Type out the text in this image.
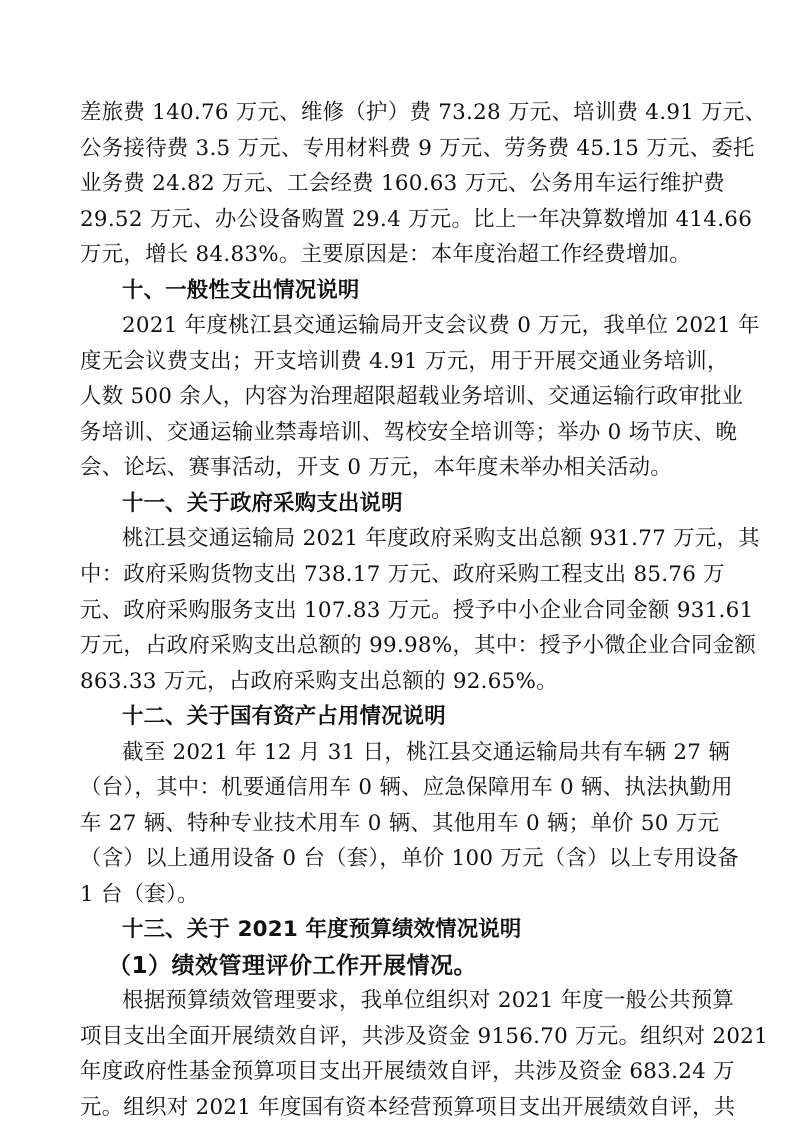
差旅费 140.76 万元、维修（护）费 73.28 万元、培训费 4.91 万元、
公务接待费 3.5 万元、专用材料费 9 万元、劳务费 45.15 万元、委托
业务费 24.82 万元、工会经费 160.63 万元、公务用车运行维护费
29.52 万元、办公设备购置 29.4 万元。比上一年决算数增加 414.66
万元，增长 84.83%。主要原因是：本年度治超工作经费增加。
十、一般性支出情况说明
2021 年度桃江县交通运输局开支会议费 0 万元，我单位 2021 年
度无会议费支出；开支培训费 4.91 万元，用于开展交通业务培训，
人数 500 余人，内容为治理超限超载业务培训、交通运输行政审批业
务培训、交通运输业禁毒培训、驾校安全培训等；举办 0 场节庆、晚
会、论坛、赛事活动，开支 0 万元，本年度未举办相关活动。
十一、关于政府采购支出说明
桃江县交通运输局 2021 年度政府采购支出总额 931.77 万元，其
中：政府采购货物支出 738.17 万元、政府采购工程支出 85.76 万
元、政府采购服务支出 107.83 万元。授予中小企业合同金额 931.61
万元，占政府采购支出总额的 99.98%，其中：授予小微企业合同金额
863.33 万元，占政府采购支出总额的 92.65%。
十二、关于国有资产占用情况说明
截至 2021 年 12 月 31 日，桃江县交通运输局共有车辆 27 辆
（台），其中：机要通信用车 0 辆、应急保障用车 0 辆、执法执勤用
车 27 辆、特种专业技术用车 0 辆、其他用车 0 辆；单价 50 万元
（含）以上通用设备 0 台（套），单价 100 万元（含）以上专用设备
1 台（套）。
十三、关于 2021 年度预算绩效情况说明
（1）绩效管理评价工作开展情况。
根据预算绩效管理要求，我单位组织对 2021 年度一般公共预算
项目支出全面开展绩效自评，共涉及资金 9156.70 万元。组织对 2021
年度政府性基金预算项目支出开展绩效自评，共涉及资金 683.24 万
元。组织对 2021 年度国有资本经营预算项目支出开展绩效自评，共
